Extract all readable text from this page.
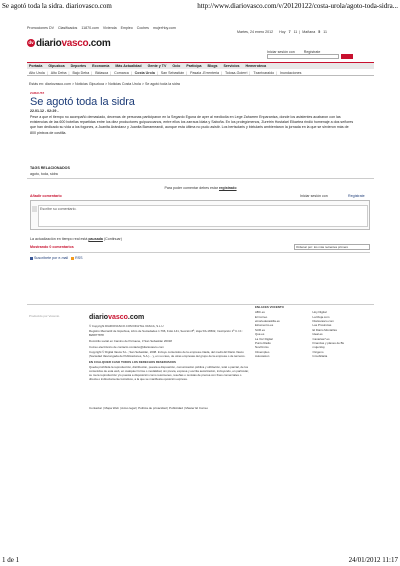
Se agotó toda la sidra. diariovasco.com	http://www.diariovasco.com/v/20120122/costa-urola/agoto-toda-sidra...
Promociones DV Clasificados 11870.com Vivienda Empleo Coches mujerHoy.com
Martes, 24 enero 2012 Hoy 7 11  |  Mañana 5 11
dv diariovasco.com
Iniciar sesión con	Regístrate
Portada Gipuzkoa Deportes Economía Más Actualidad Gente y TV Ocio Participa Blogs Servicios Hemeroteca
Alto Urola | Alto Deba | Bajo Deba | Bidasoa | Comarca | Costa Urola | San Sebastián | Pasaia -Errenteria | Tolosa-Goierri | Txantxaraido | Inundaciones
Estás en: diariovasco.com > Noticias Gipuzkoa > Noticias Costa Urola > Se agotó toda la sidra
ZARAUTZ
Se agotó toda la sidra
22.01.12 - 02:29 -

Pese a que el tiempo no acompañó demasiado, decenas de personas participaron en la Segardo Eguna de ayer al mediodía en Lege Zaharren Enparantza, donde los asistentes acabaron con las existencias de las 600 botellas repartidas entre los diez productores guipuzcoanos, entre ellos los zarraus Idata y Saboña. En los prolegómenos, Zuretrin Hostalari Elkartea rindió homenaje a dos señores que han dedicado su vida a los fogones, a Juanita Arándanz y Juanita Barrameandi, aunque esta última no pudo asistir. Los bertsolaris y bixtularis ambientaron la jornada en la que se sirvieron más de 800 pintxos de costilla.

TAGS RELACIONADOS
agoto, toda, sidra
Para poder comentar debes estar registrado
Añadir comentario	Iniciar sesión con	Regístrate
Escribe su comentario.
La actualización en tiempo real está pausada (Continuar)
Mostrando 0 comentarios	Ordenar por: los más recientes primero
Suscríbete por e-mail RSS
Producido por Vocento	diariovasco.com

© Copyright DIARIOVASCO.COM DIGITAL VASCA, S.L.U

Registro Mercantil de Gipuzkoa, Libro de Sociedades 1.796, Folio 141, Sección 8ª, Hoja SS-16502, Inscripción 1ª C.I.F.: B20877878

Domicilio social en Camino de Portuene, 3 San Sebastián 20018

Correo electrónico de contacto contacto@diariovasco.com

Copyright © Digital Vasca S.L.; San Sebastián, 2008. Incluye contenidos de la empresa citada, del medio El Diario Vasco (Sociedad Vascongada de Publicaciones, S.A.)... y, en su caso, de otras empresas del grupo de la empresa o de terceros.

EN CUALQUIER CASO TODOS LOS DERECHOS RESERVADOS

Queda prohibida la reproducción, distribución, puesta a disposición, comunicación pública y utilización, total o parcial, de los contenidos de esta web, en cualquier forma o modalidad, sin previa, expresa y escrita autorización, incluyendo, en particular, su mera reproducción y/o puesta a disposición como resúmenes, reseñas o revistas de prensa con fines comerciales o directa o indirectamente lucrativos, a la que se manifiesta oposición expresa.

ENLACES VOCENTO
ABC.es
El Correo
elnortedecastilla.es
Elcomercio.es
SUR.es
Qué.es
La Voz Digital
Punto Radio
NovOmnio
Infoempleo
Autocasion
Hoy Digital
La Rioja.com
Diariovasco.com
Las Provincias
El Diario Montañés
Ideal.es
Canarias7.es
Finanzas y planes de Bs
mujerHoy
Oxígeno
Inmobiliaria
Contactar | Mapa Web | Aviso legal | Política de privacidad | Publicidad | Master El Correo
1 de 1	24/01/2012 11:17
